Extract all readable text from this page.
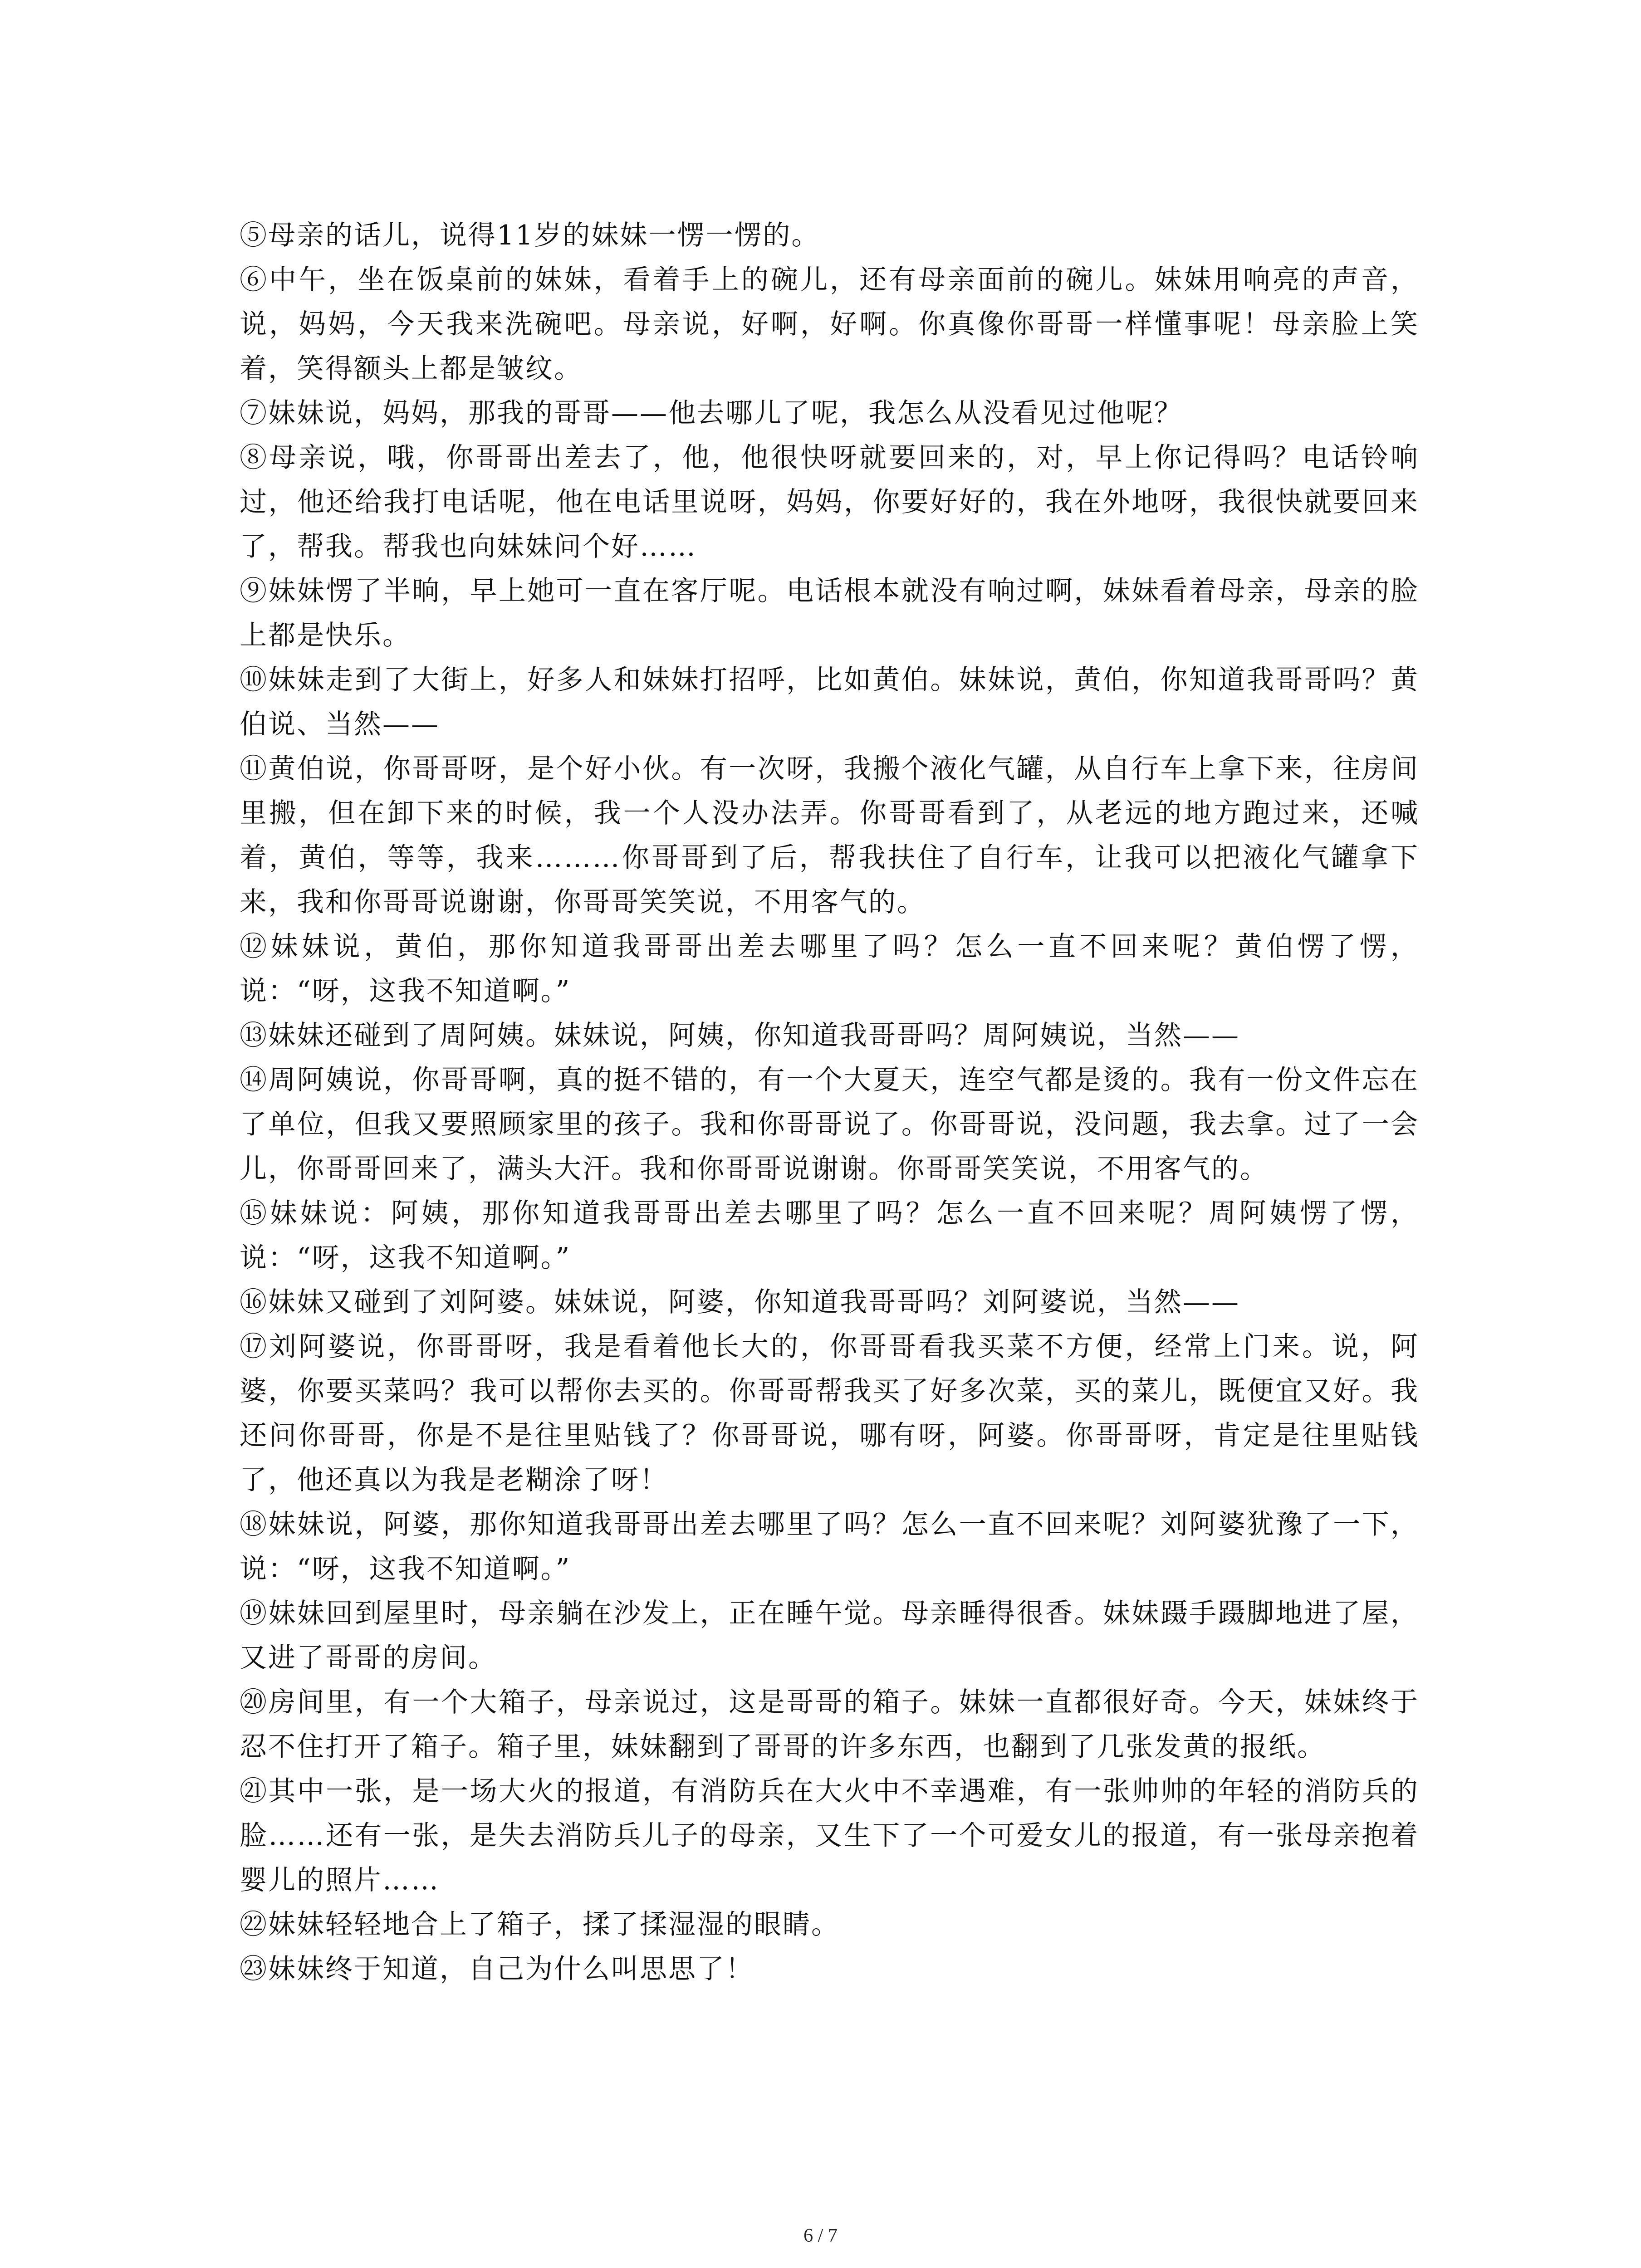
⑤母亲的话儿，说得11岁的妹妹一愣一愣的。

⑥中午，坐在饭桌前的妹妹，看着手上的碗儿，还有母亲面前的碗儿。妹妹用响亮的声音，说，妈妈，今天我来洗碗吧。母亲说，好啊，好啊。你真像你哥哥一样懂事呢！母亲脸上笑着，笑得额头上都是皱纹。

⑦妹妹说，妈妈，那我的哥哥——他去哪儿了呢，我怎么从没看见过他呢？

⑧母亲说，哦，你哥哥出差去了，他，他很快呀就要回来的，对，早上你记得吗？电话铃响过，他还给我打电话呢，他在电话里说呀，妈妈，你要好好的，我在外地呀，我很快就要回来了，帮我。帮我也向妹妹问个好……

⑨妹妹愣了半晌，早上她可一直在客厅呢。电话根本就没有响过啊，妹妹看着母亲，母亲的脸上都是快乐。

⑩妹妹走到了大街上，好多人和妹妹打招呼，比如黄伯。妹妹说，黄伯，你知道我哥哥吗？黄伯说、当然——

⑪黄伯说，你哥哥呀，是个好小伙。有一次呀，我搬个液化气罐，从自行车上拿下来，往房间里搬，但在卸下来的时候，我一个人没办法弄。你哥哥看到了，从老远的地方跑过来，还喊着，黄伯，等等，我来………你哥哥到了后，帮我扶住了自行车，让我可以把液化气罐拿下来，我和你哥哥说谢谢，你哥哥笑笑说，不用客气的。

⑫妹妹说，黄伯，那你知道我哥哥出差去哪里了吗？怎么一直不回来呢？黄伯愣了愣，说：“呀，这我不知道啊。”

⑬妹妹还碰到了周阿姨。妹妹说，阿姨，你知道我哥哥吗？周阿姨说，当然——

⑭周阿姨说，你哥哥啊，真的挺不错的，有一个大夏天，连空气都是烫的。我有一份文件忘在了单位，但我又要照顾家里的孩子。我和你哥哥说了。你哥哥说，没问题，我去拿。过了一会儿，你哥哥回来了，满头大汗。我和你哥哥说谢谢。你哥哥笑笑说，不用客气的。

⑮妹妹说：阿姨，那你知道我哥哥出差去哪里了吗？怎么一直不回来呢？周阿姨愣了愣，说：“呀，这我不知道啊。”

⑯妹妹又碰到了刘阿婆。妹妹说，阿婆，你知道我哥哥吗？刘阿婆说，当然——

⑰刘阿婆说，你哥哥呀，我是看着他长大的，你哥哥看我买菜不方便，经常上门来。说，阿婆，你要买菜吗？我可以帮你去买的。你哥哥帮我买了好多次菜，买的菜儿，既便宜又好。我还问你哥哥，你是不是往里贴钱了？你哥哥说，哪有呀，阿婆。你哥哥呀，肯定是往里贴钱了，他还真以为我是老糊涂了呀！

⑱妹妹说，阿婆，那你知道我哥哥出差去哪里了吗？怎么一直不回来呢？刘阿婆犹豫了一下，说：“呀，这我不知道啊。”

⑲妹妹回到屋里时，母亲躺在沙发上，正在睡午觉。母亲睡得很香。妹妹蹑手蹑脚地进了屋，又进了哥哥的房间。

⑳房间里，有一个大箱子，母亲说过，这是哥哥的箱子。妹妹一直都很好奇。今天，妹妹终于忍不住打开了箱子。箱子里，妹妹翻到了哥哥的许多东西，也翻到了几张发黄的报纸。

㉑其中一张，是一场大火的报道，有消防兵在大火中不幸遇难，有一张帅帅的年轻的消防兵的脸……还有一张，是失去消防兵儿子的母亲，又生下了一个可爱女儿的报道，有一张母亲抱着婴儿的照片……

㉒妹妹轻轻地合上了箱子，揉了揉湿湿的眼睛。

㉓妹妹终于知道，自己为什么叫思思了！

6 / 7
